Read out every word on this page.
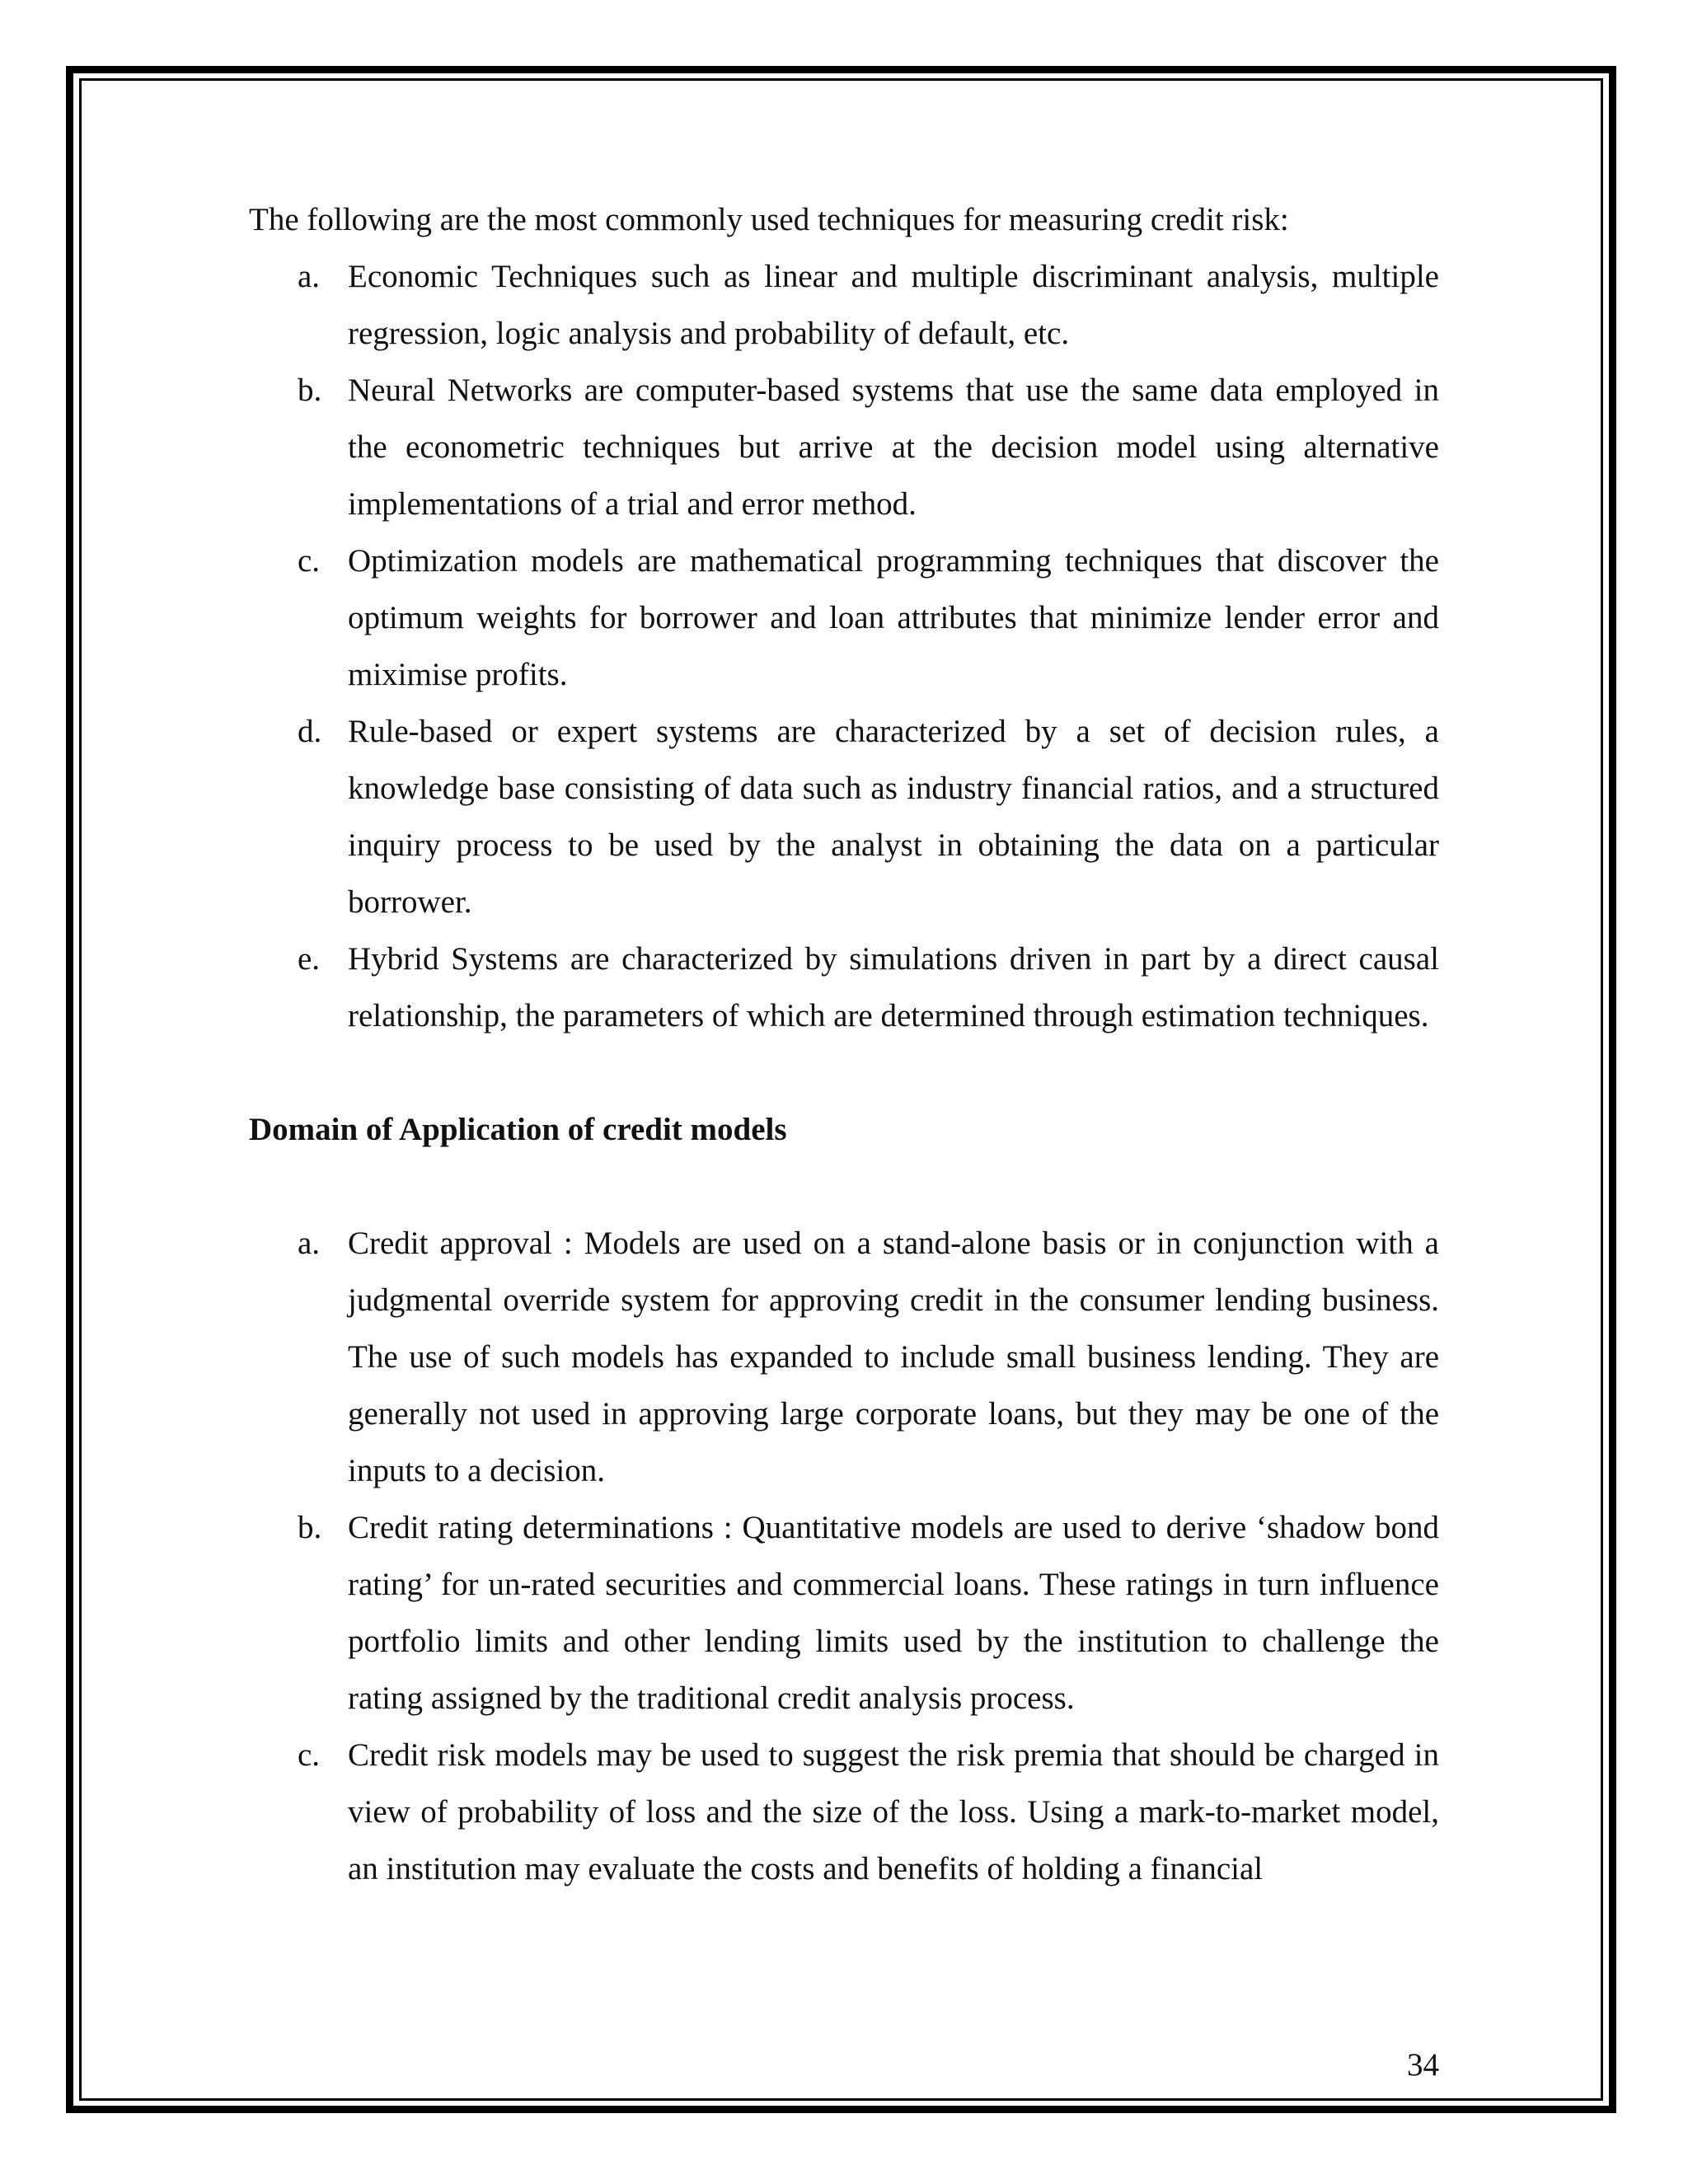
The following are the most commonly used techniques for measuring credit risk:

a. Economic Techniques such as linear and multiple discriminant analysis, multiple regression, logic analysis and probability of default, etc.
b. Neural Networks are computer-based systems that use the same data employed in the econometric techniques but arrive at the decision model using alternative implementations of a trial and error method.
c. Optimization models are mathematical programming techniques that discover the optimum weights for borrower and loan attributes that minimize lender error and miximise profits.
d. Rule-based or expert systems are characterized by a set of decision rules, a knowledge base consisting of data such as industry financial ratios, and a structured inquiry process to be used by the analyst in obtaining the data on a particular borrower.
e. Hybrid Systems are characterized by simulations driven in part by a direct causal relationship, the parameters of which are determined through estimation techniques.
Domain of Application of credit models
a. Credit approval : Models are used on a stand-alone basis or in conjunction with a judgmental override system for approving credit in the consumer lending business. The use of such models has expanded to include small business lending. They are generally not used in approving large corporate loans, but they may be one of the inputs to a decision.
b. Credit rating determinations : Quantitative models are used to derive ‘shadow bond rating’ for un-rated securities and commercial loans. These ratings in turn influence portfolio limits and other lending limits used by the institution to challenge the rating assigned by the traditional credit analysis process.
c. Credit risk models may be used to suggest the risk premia that should be charged in view of probability of loss and the size of the loss. Using a mark-to-market model, an institution may evaluate the costs and benefits of holding a financial
34
